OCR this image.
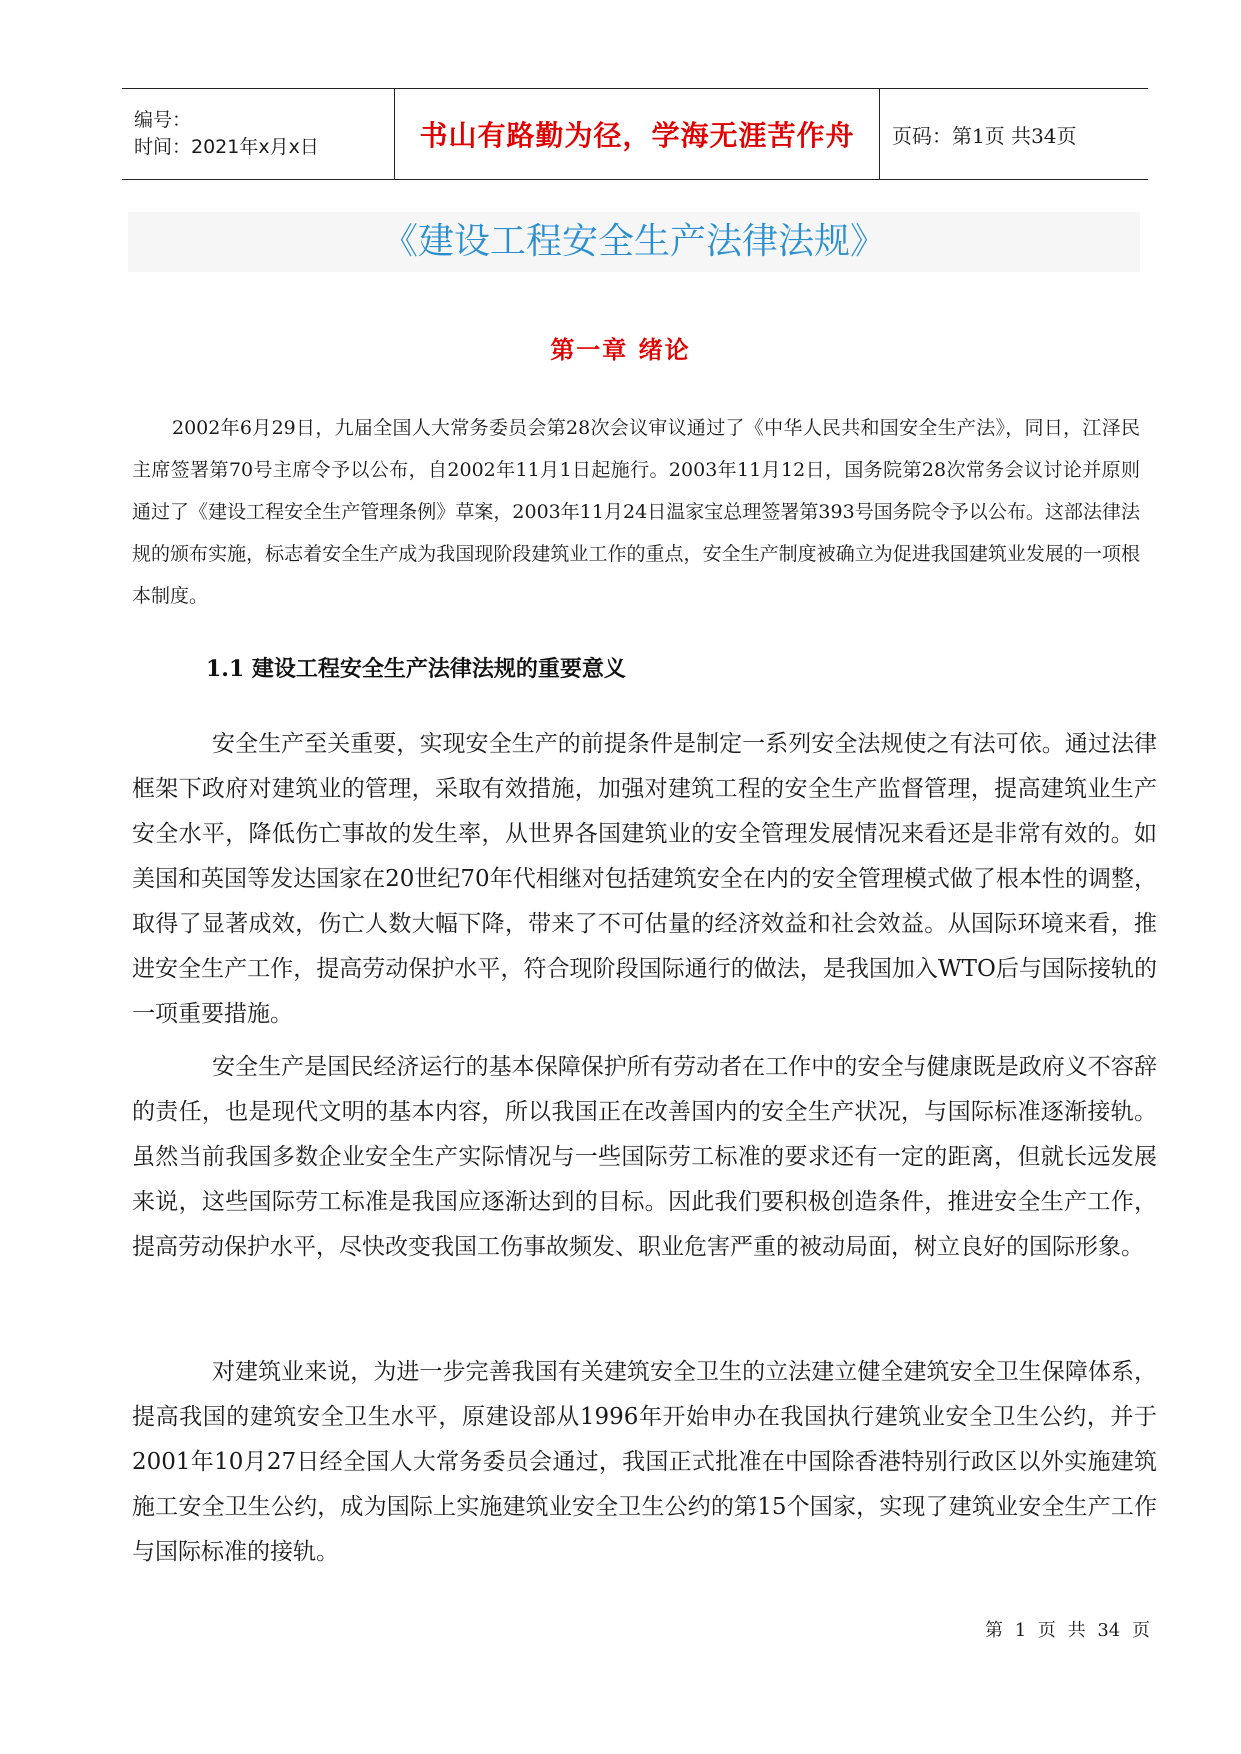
编号：
时间：2021年x月x日	书山有路勤为径，学海无涯苦作舟	页码：第1页 共34页
《建设工程安全生产法律法规》
第一章 绪论

2002年6月29日，九届全国人大常务委员会第28次会议审议通过了《中华人民共和国安全生产法》，同日，江泽民主席签署第70号主席令予以公布，自2002年11月1日起施行。2003年11月12日，国务院第28次常务会议讨论并原则通过了《建设工程安全生产管理条例》草案，2003年11月24日温家宝总理签署第393号国务院令予以公布。这部法律法规的颁布实施，标志着安全生产成为我国现阶段建筑业工作的重点，安全生产制度被确立为促进我国建筑业发展的一项根本制度。

1.1 建设工程安全生产法律法规的重要意义

安全生产至关重要，实现安全生产的前提条件是制定一系列安全法规使之有法可依。通过法律框架下政府对建筑业的管理，采取有效措施，加强对建筑工程的安全生产监督管理，提高建筑业生产安全水平，降低伤亡事故的发生率，从世界各国建筑业的安全管理发展情况来看还是非常有效的。如美国和英国等发达国家在20世纪70年代相继对包括建筑安全在内的安全管理模式做了根本性的调整，取得了显著成效，伤亡人数大幅下降，带来了不可估量的经济效益和社会效益。从国际环境来看，推进安全生产工作，提高劳动保护水平，符合现阶段国际通行的做法，是我国加入WTO后与国际接轨的一项重要措施。

安全生产是国民经济运行的基本保障保护所有劳动者在工作中的安全与健康既是政府义不容辞的责任，也是现代文明的基本内容，所以我国正在改善国内的安全生产状况，与国际标准逐渐接轨。虽然当前我国多数企业安全生产实际情况与一些国际劳工标准的要求还有一定的距离，但就长远发展来说，这些国际劳工标准是我国应逐渐达到的目标。因此我们要积极创造条件，推进安全生产工作，提高劳动保护水平，尽快改变我国工伤事故频发、职业危害严重的被动局面，树立良好的国际形象。

对建筑业来说，为进一步完善我国有关建筑安全卫生的立法建立健全建筑安全卫生保障体系，提高我国的建筑安全卫生水平，原建设部从1996年开始申办在我国执行建筑业安全卫生公约，并于2001年10月27日经全国人大常务委员会通过，我国正式批准在中国除香港特别行政区以外实施建筑施工安全卫生公约，成为国际上实施建筑业安全卫生公约的第15个国家，实现了建筑业安全生产工作与国际标准的接轨。

第 1 页 共 34 页
